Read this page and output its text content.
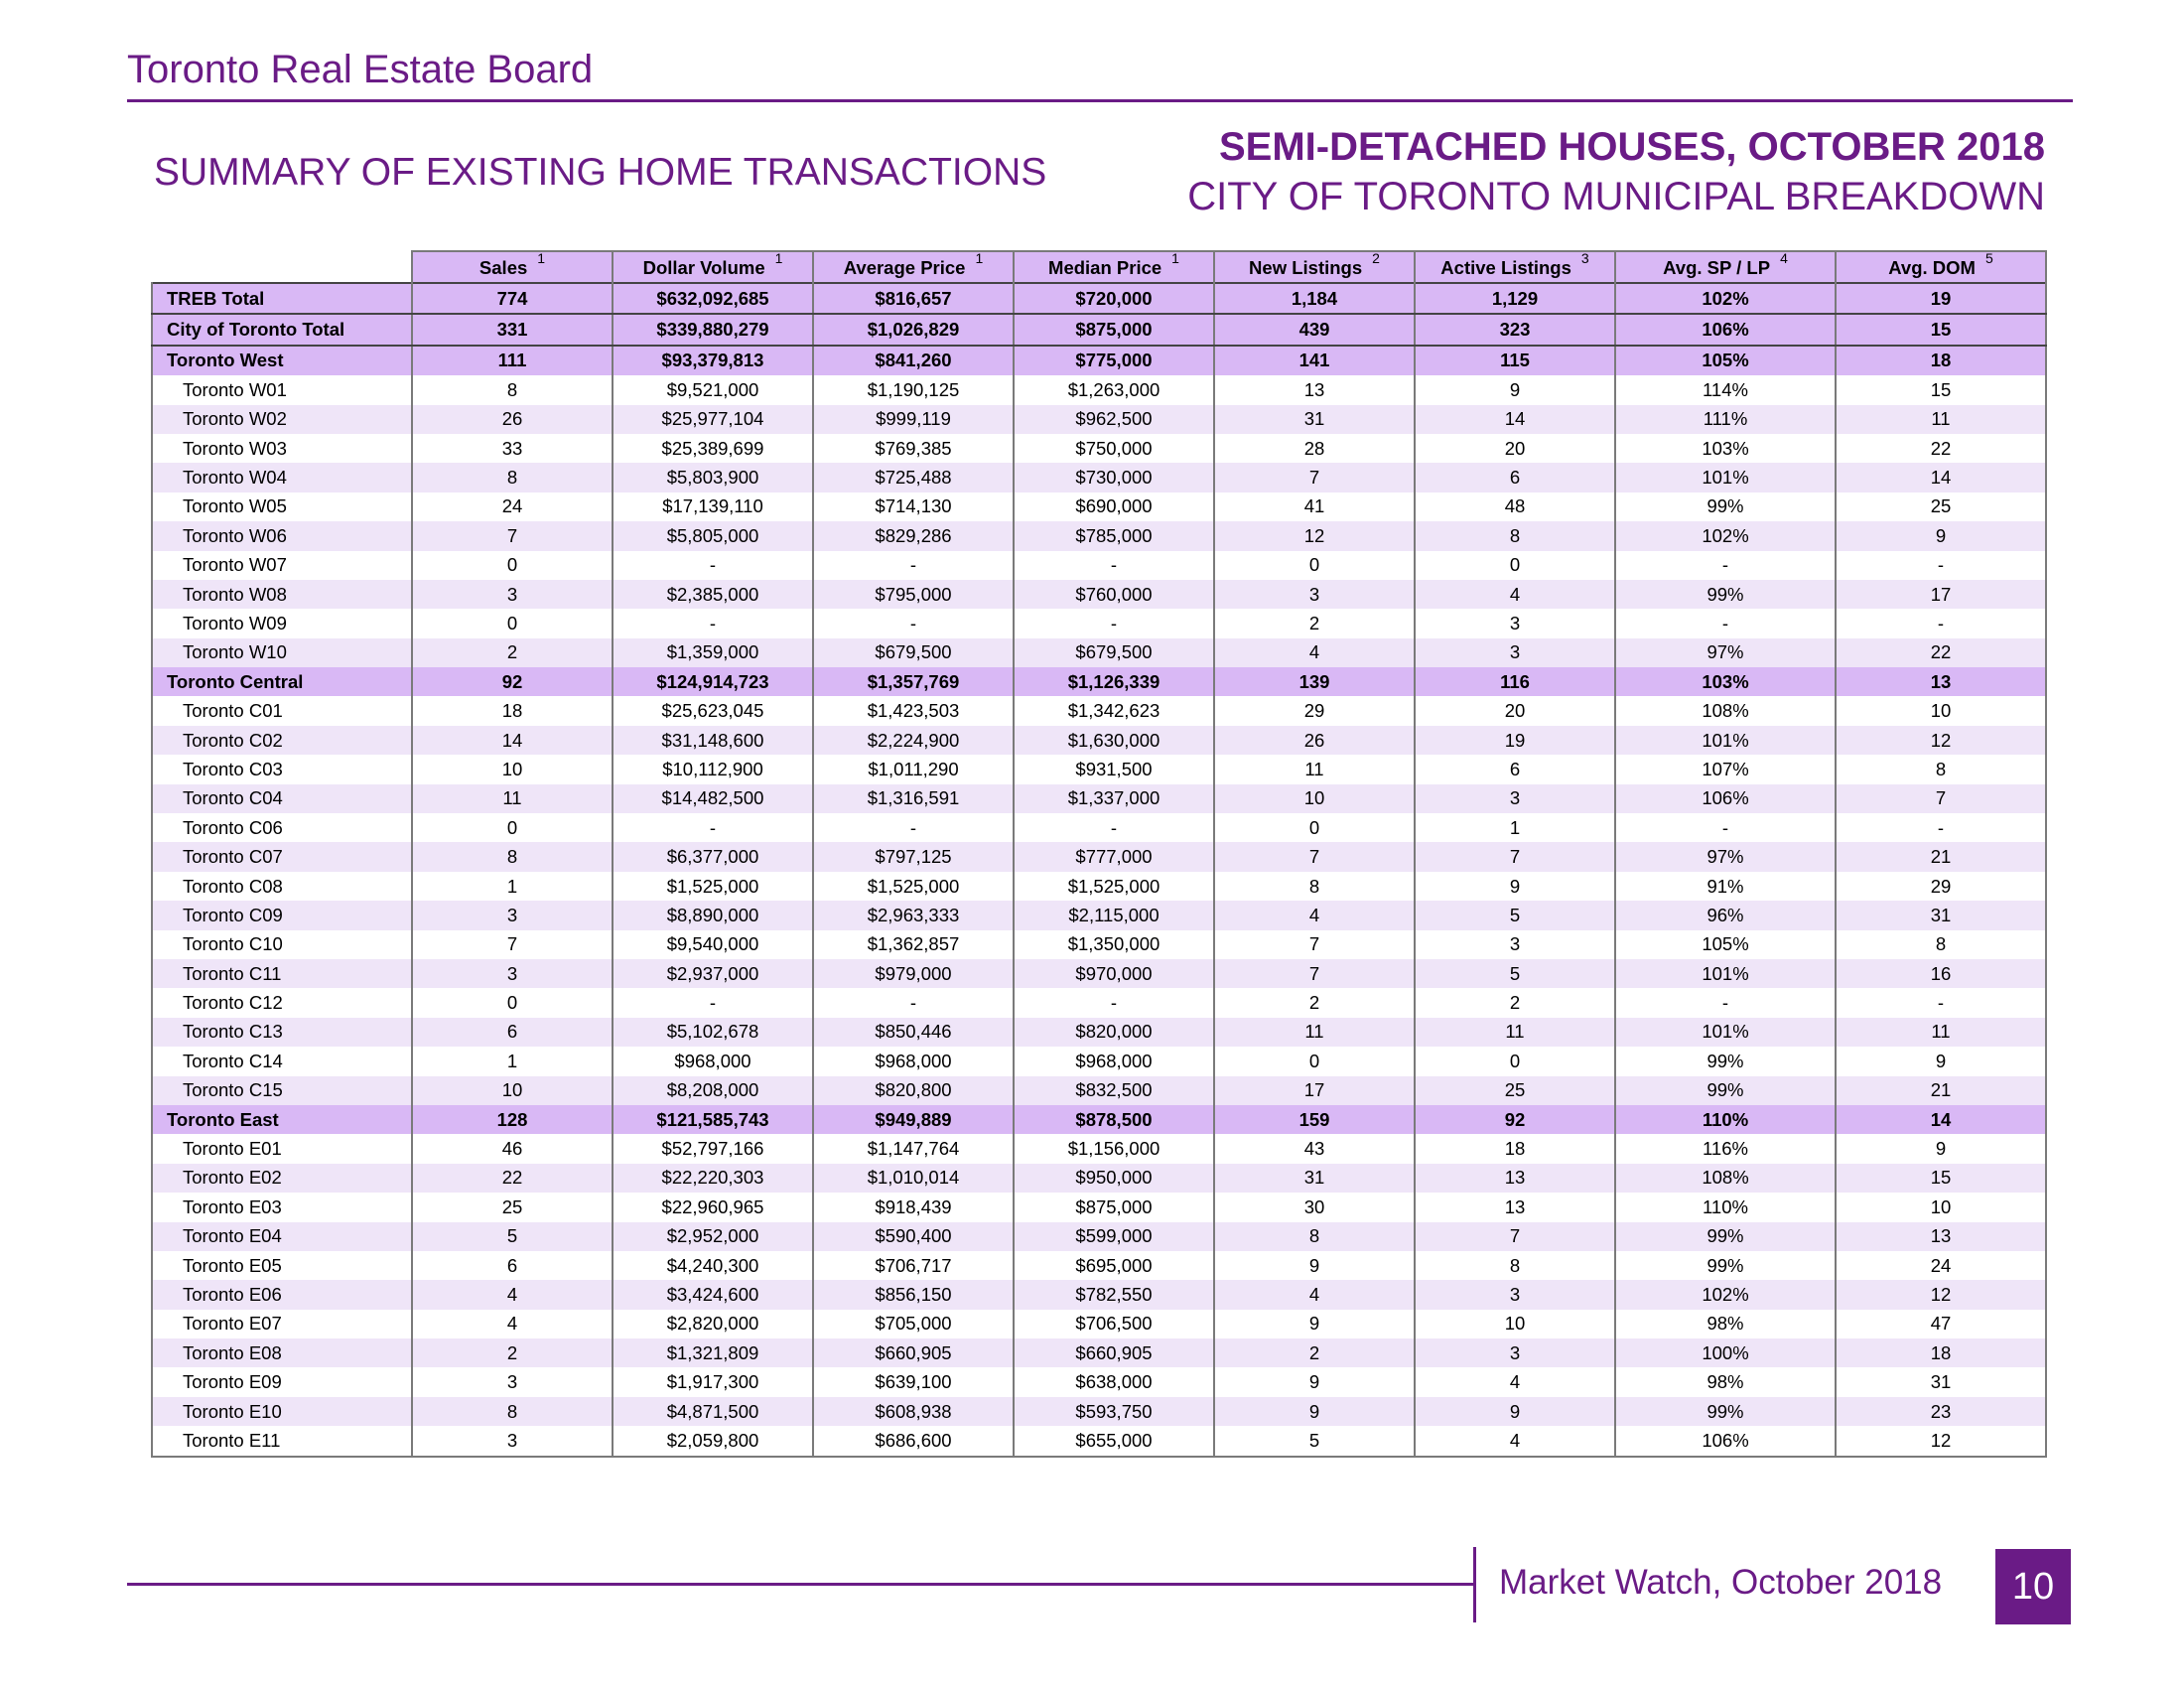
Toronto Real Estate Board
SUMMARY OF EXISTING HOME TRANSACTIONS
SEMI-DETACHED HOUSES, OCTOBER 2018
CITY OF TORONTO MUNICIPAL BREAKDOWN
	Sales $^1$	Dollar Volume $^1$	Average Price $^1$	Median Price $^1$	New Listings $^2$	Active Listings $^3$	Avg. SP / LP $^4$	Avg. DOM $^5$
TREB Total	774	$632,092,685	$816,657	$720,000	1,184	1,129	102%	19
City of Toronto Total	331	$339,880,279	$1,026,829	$875,000	439	323	106%	15
Toronto West	111	$93,379,813	$841,260	$775,000	141	115	105%	18
Toronto W01	8	$9,521,000	$1,190,125	$1,263,000	13	9	114%	15
Toronto W02	26	$25,977,104	$999,119	$962,500	31	14	111%	11
Toronto W03	33	$25,389,699	$769,385	$750,000	28	20	103%	22
Toronto W04	8	$5,803,900	$725,488	$730,000	7	6	101%	14
Toronto W05	24	$17,139,110	$714,130	$690,000	41	48	99%	25
Toronto W06	7	$5,805,000	$829,286	$785,000	12	8	102%	9
Toronto W07	0	-	-	-	0	0	-	-
Toronto W08	3	$2,385,000	$795,000	$760,000	3	4	99%	17
Toronto W09	0	-	-	-	2	3	-	-
Toronto W10	2	$1,359,000	$679,500	$679,500	4	3	97%	22
Toronto Central	92	$124,914,723	$1,357,769	$1,126,339	139	116	103%	13
Toronto C01	18	$25,623,045	$1,423,503	$1,342,623	29	20	108%	10
Toronto C02	14	$31,148,600	$2,224,900	$1,630,000	26	19	101%	12
Toronto C03	10	$10,112,900	$1,011,290	$931,500	11	6	107%	8
Toronto C04	11	$14,482,500	$1,316,591	$1,337,000	10	3	106%	7
Toronto C06	0	-	-	-	0	1	-	-
Toronto C07	8	$6,377,000	$797,125	$777,000	7	7	97%	21
Toronto C08	1	$1,525,000	$1,525,000	$1,525,000	8	9	91%	29
Toronto C09	3	$8,890,000	$2,963,333	$2,115,000	4	5	96%	31
Toronto C10	7	$9,540,000	$1,362,857	$1,350,000	7	3	105%	8
Toronto C11	3	$2,937,000	$979,000	$970,000	7	5	101%	16
Toronto C12	0	-	-	-	2	2	-	-
Toronto C13	6	$5,102,678	$850,446	$820,000	11	11	101%	11
Toronto C14	1	$968,000	$968,000	$968,000	0	0	99%	9
Toronto C15	10	$8,208,000	$820,800	$832,500	17	25	99%	21
Toronto East	128	$121,585,743	$949,889	$878,500	159	92	110%	14
Toronto E01	46	$52,797,166	$1,147,764	$1,156,000	43	18	116%	9
Toronto E02	22	$22,220,303	$1,010,014	$950,000	31	13	108%	15
Toronto E03	25	$22,960,965	$918,439	$875,000	30	13	110%	10
Toronto E04	5	$2,952,000	$590,400	$599,000	8	7	99%	13
Toronto E05	6	$4,240,300	$706,717	$695,000	9	8	99%	24
Toronto E06	4	$3,424,600	$856,150	$782,550	4	3	102%	12
Toronto E07	4	$2,820,000	$705,000	$706,500	9	10	98%	47
Toronto E08	2	$1,321,809	$660,905	$660,905	2	3	100%	18
Toronto E09	3	$1,917,300	$639,100	$638,000	9	4	98%	31
Toronto E10	8	$4,871,500	$608,938	$593,750	9	9	99%	23
Toronto E11	3	$2,059,800	$686,600	$655,000	5	4	106%	12
Market Watch, October 2018	10
